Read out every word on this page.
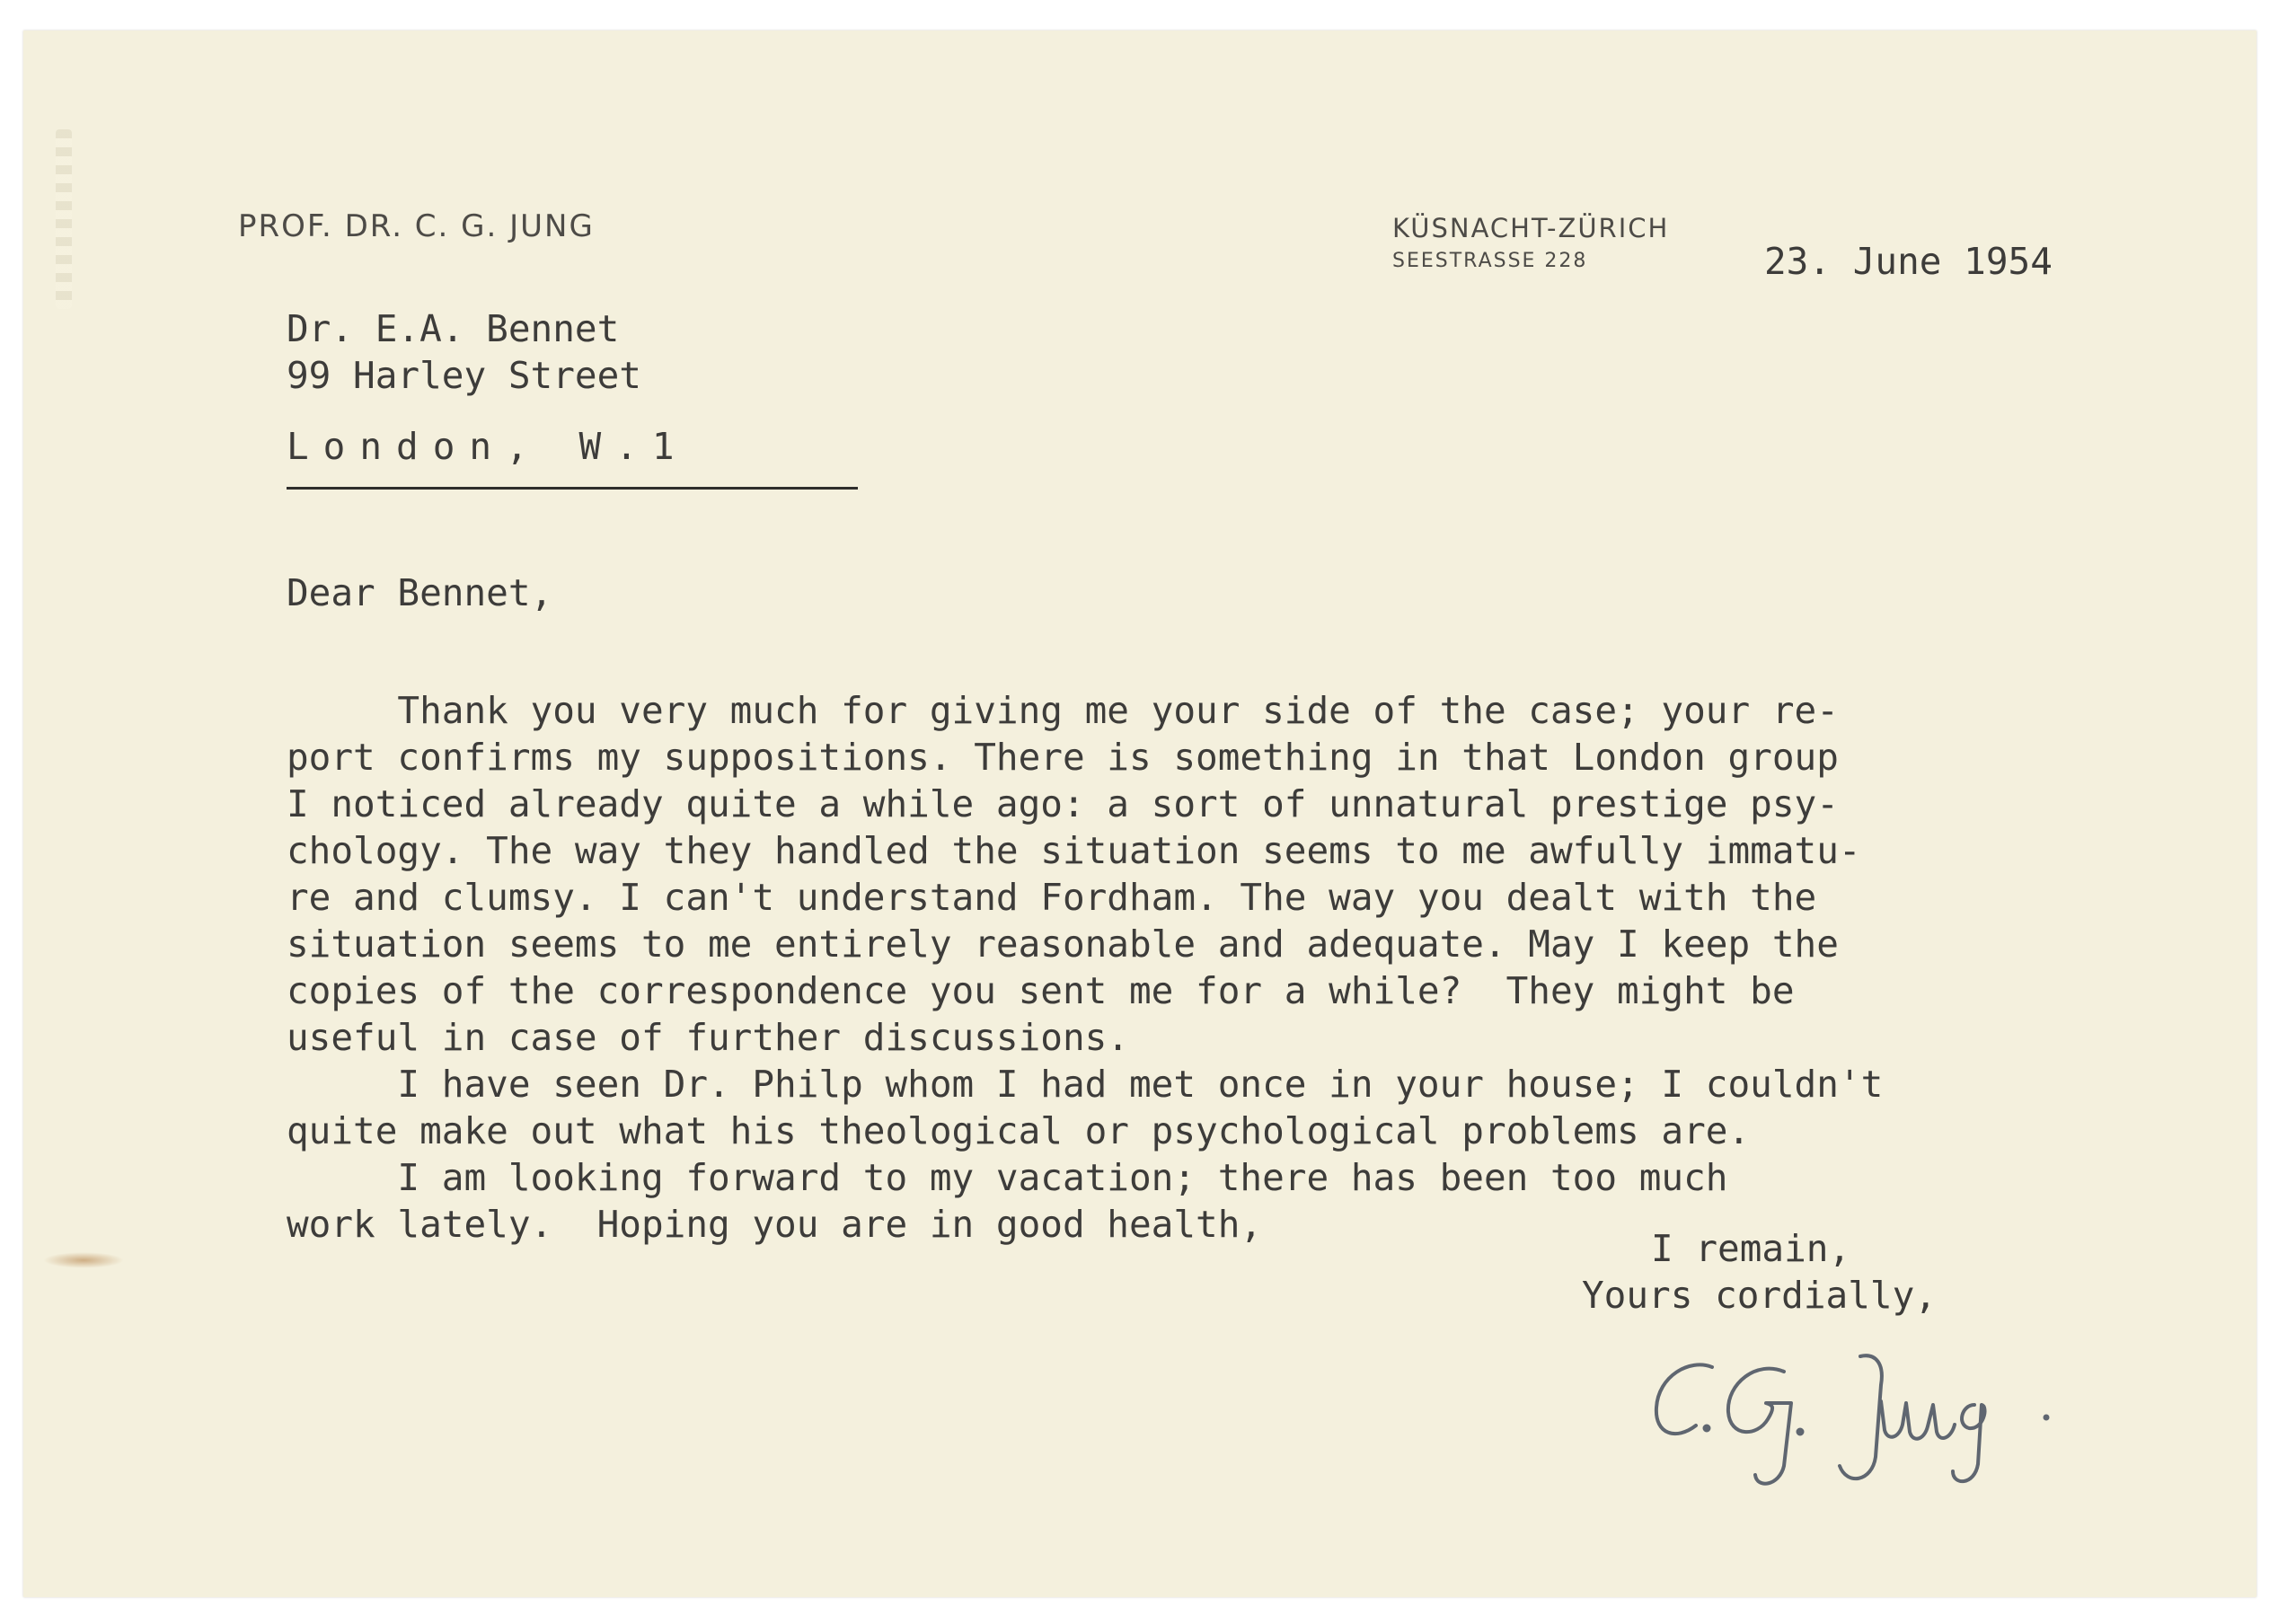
PROF. DR. C. G. JUNG	KÜSNACHT-ZÜRICH
SEESTRASSE 228	23. June 1954
Dr. E.A. Bennet
99 Harley Street
London, W.1
Dear Bennet,
Thank you very much for giving me your side of the case; your re-
port confirms my suppositions. There is something in that London group
I noticed already quite a while ago: a sort of unnatural prestige psy-
chology. The way they handled the situation seems to me awfully immatu-
re and clumsy. I can't understand Fordham. The way you dealt with the
situation seems to me entirely reasonable and adequate. May I keep the
copies of the correspondence you sent me for a while?  They might be
useful in case of further discussions.
I have seen Dr. Philp whom I had met once in your house; I couldn't
quite make out what his theological or psychological problems are.
I am looking forward to my vacation; there has been too much
work lately.  Hoping you are in good health,
I remain,
Yours cordially,
